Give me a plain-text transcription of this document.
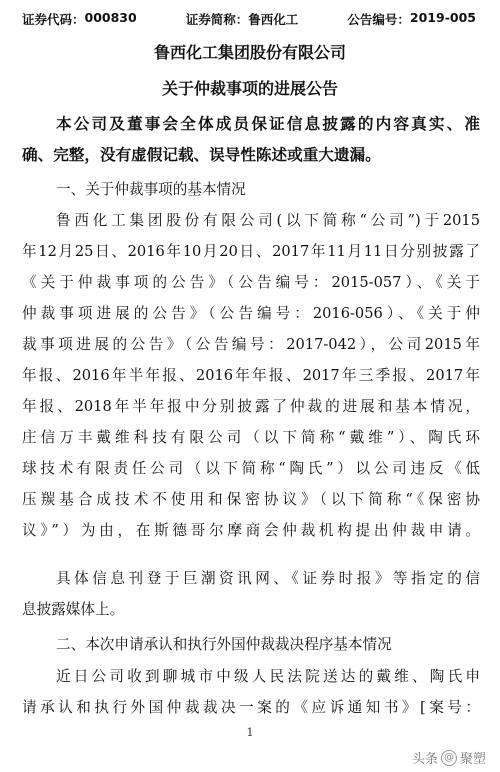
证券代码： 000830	证券简称： 鲁西化工	公告编号： 2019-005
鲁西化工集团股份有限公司
关于仲裁事项的进展公告
本公司及董事会全体成员保证信息披露的内容真实、准
确、完整，没有虚假记载、误导性陈述或重大遗漏。
一、关于仲裁事项的基本情况
鲁西化工集团股份有限公司(以下简称“公司”)于2015
年12月25日、2016年10月20日、2017年11月11日分别披露了
《关于仲裁事项的公告》（公告编号：2015-057）、《关于
仲裁事项进展的公告》（公告编号：2016-056）、《关于仲
裁事项进展的公告》（公告编号：2017-042），公司2015年
年报、2016年半年报、2016年年报、2017年三季报、2017年
年报、2018年半年报中分别披露了仲裁的进展和基本情况，
庄信万丰戴维科技有限公司（以下简称“戴维”）、陶氏环
球技术有限责任公司（以下简称“陶氏”）以公司违反《低
压羰基合成技术不使用和保密协议》（以下简称“《保密协
议》”）为由，在斯德哥尔摩商会仲裁机构提出仲裁申请。
具体信息刊登于巨潮资讯网、《证券时报》等指定的信
息披露媒体上。
二、本次申请承认和执行外国仲裁裁决程序基本情况
近日公司收到聊城市中级人民法院送达的戴维、陶氏申
请承认和执行外国仲裁裁决一案的《应诉通知书》[案号：
1
头条 @ 聚塑
